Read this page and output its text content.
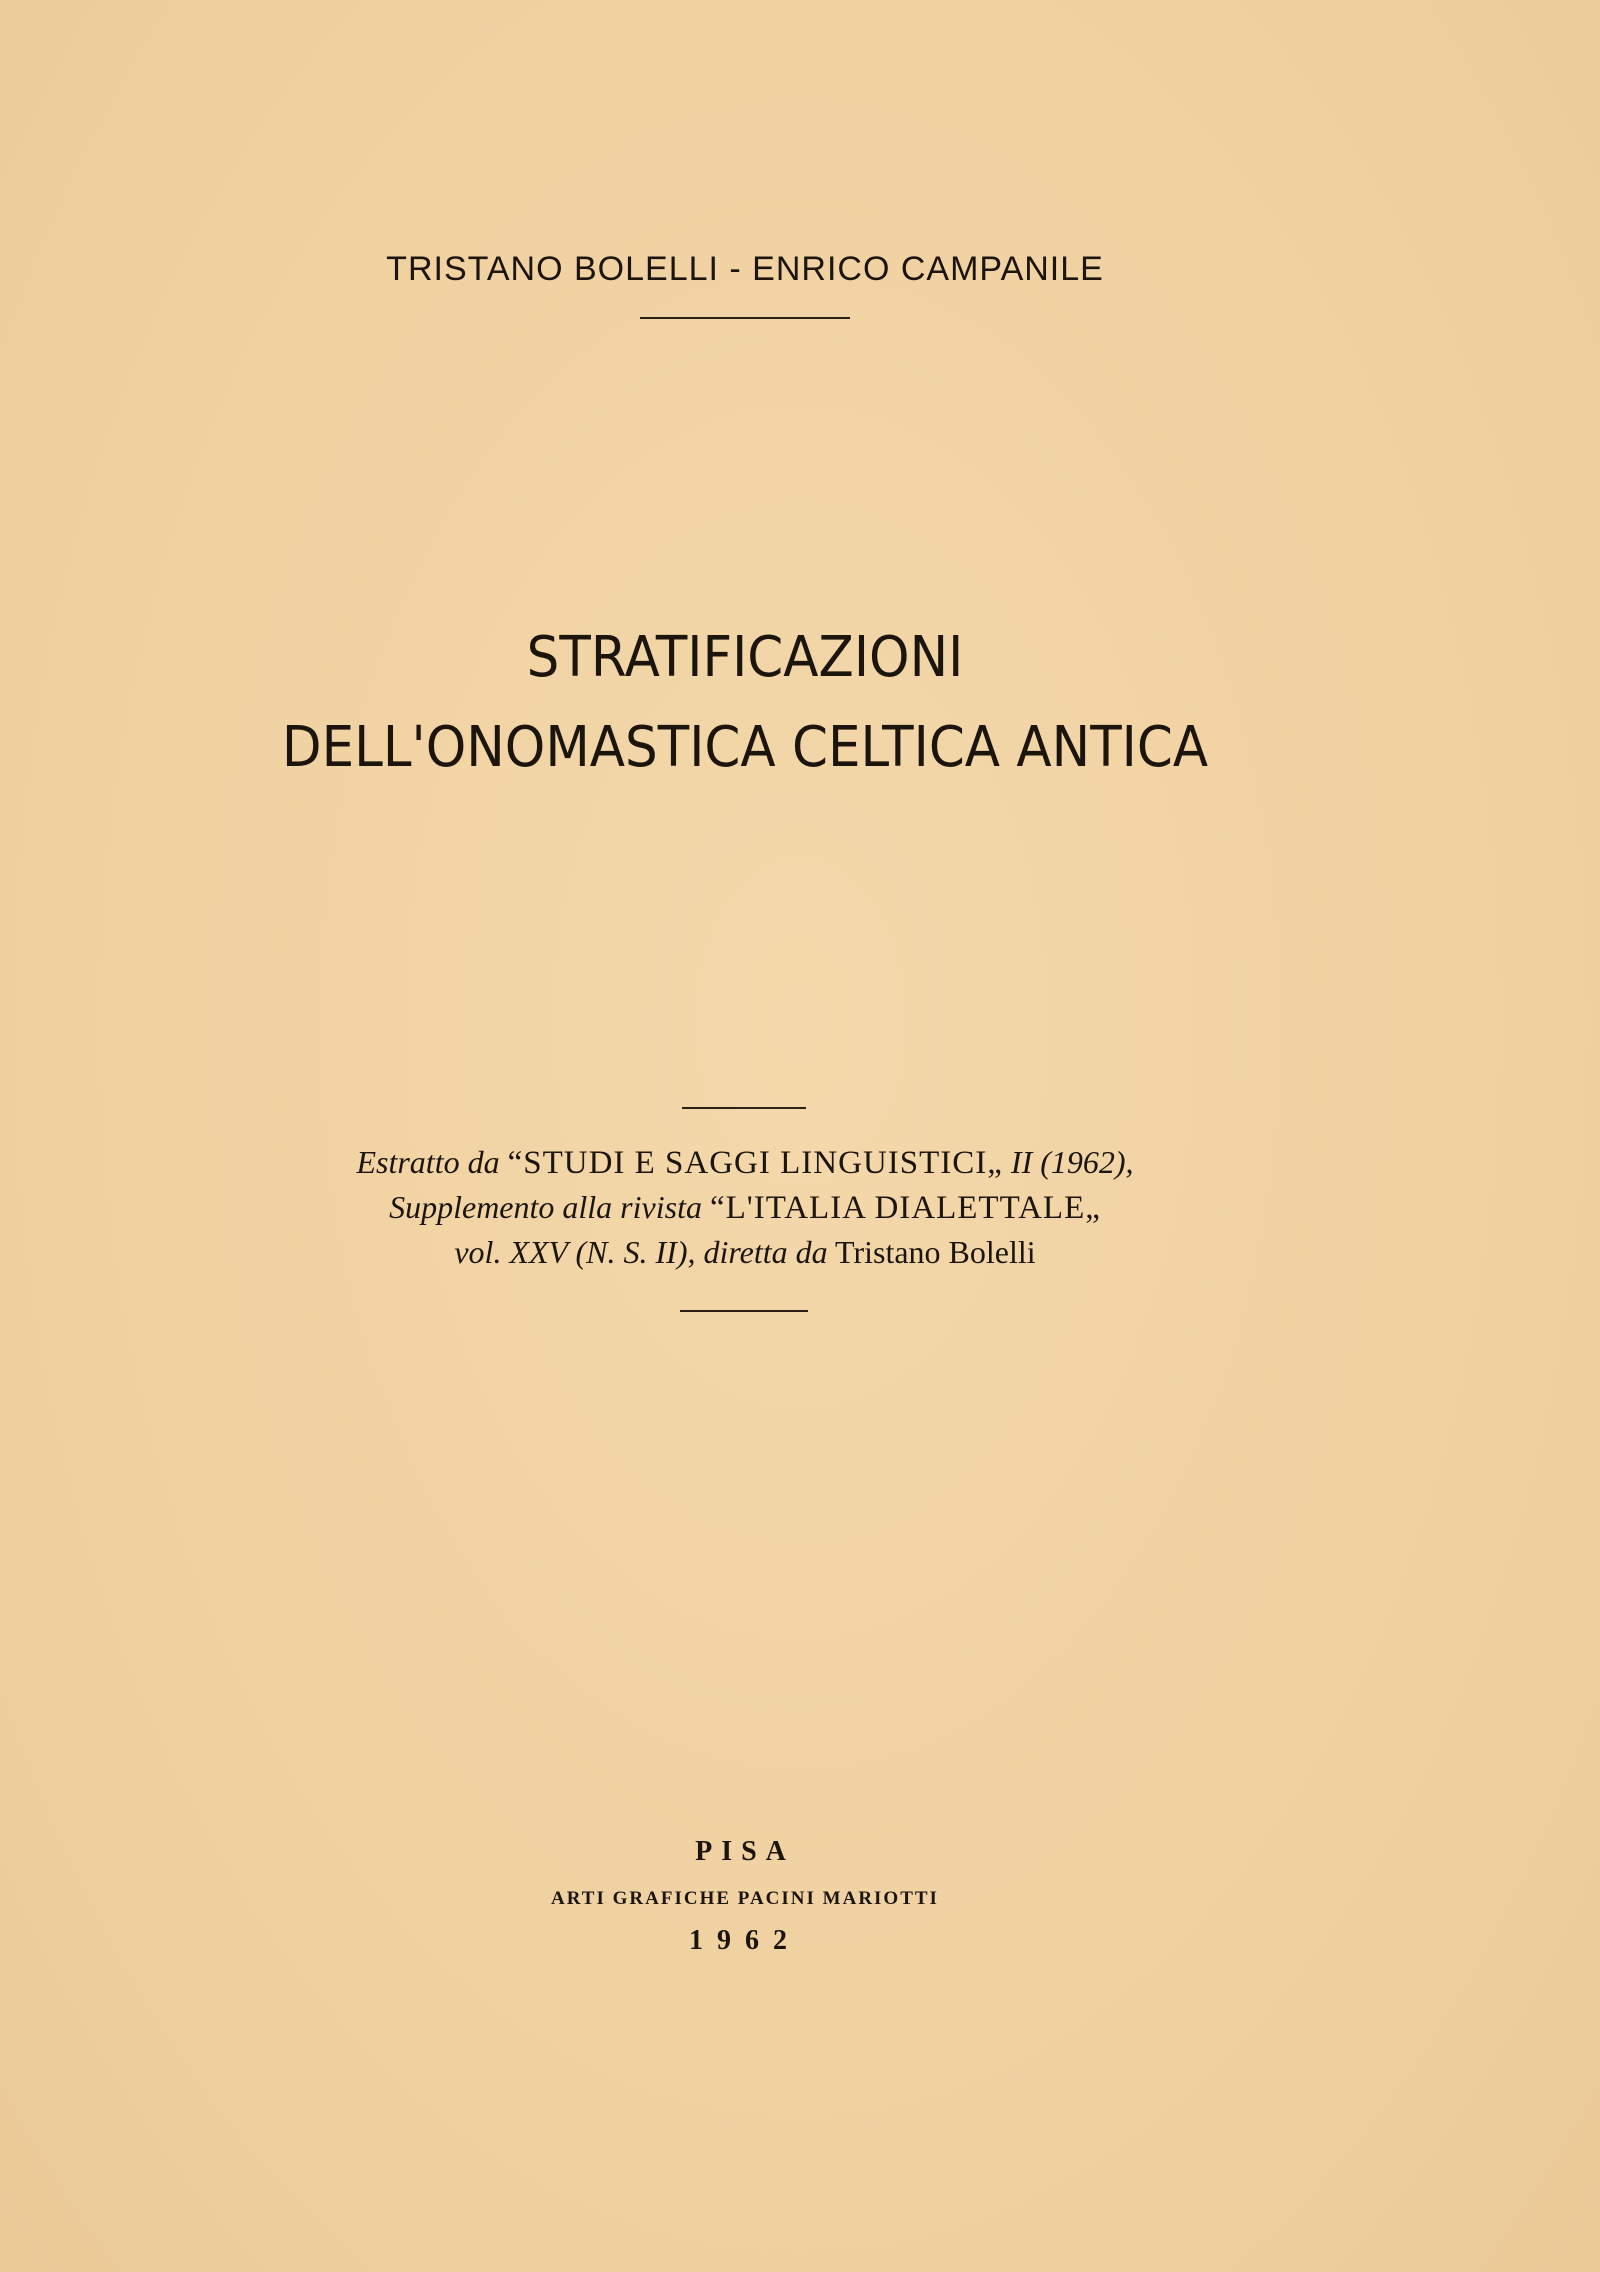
TRISTANO BOLELLI - ENRICO CAMPANILE
STRATIFICAZIONI
DELL'ONOMASTICA CELTICA ANTICA
Estratto da “STUDI E SAGGI LINGUISTICI„ II (1962),
Supplemento alla rivista “L'ITALIA DIALETTALE„
vol. XXV (N. S. II), diretta da Tristano Bolelli
PISA
ARTI GRAFICHE PACINI MARIOTTI
1962
